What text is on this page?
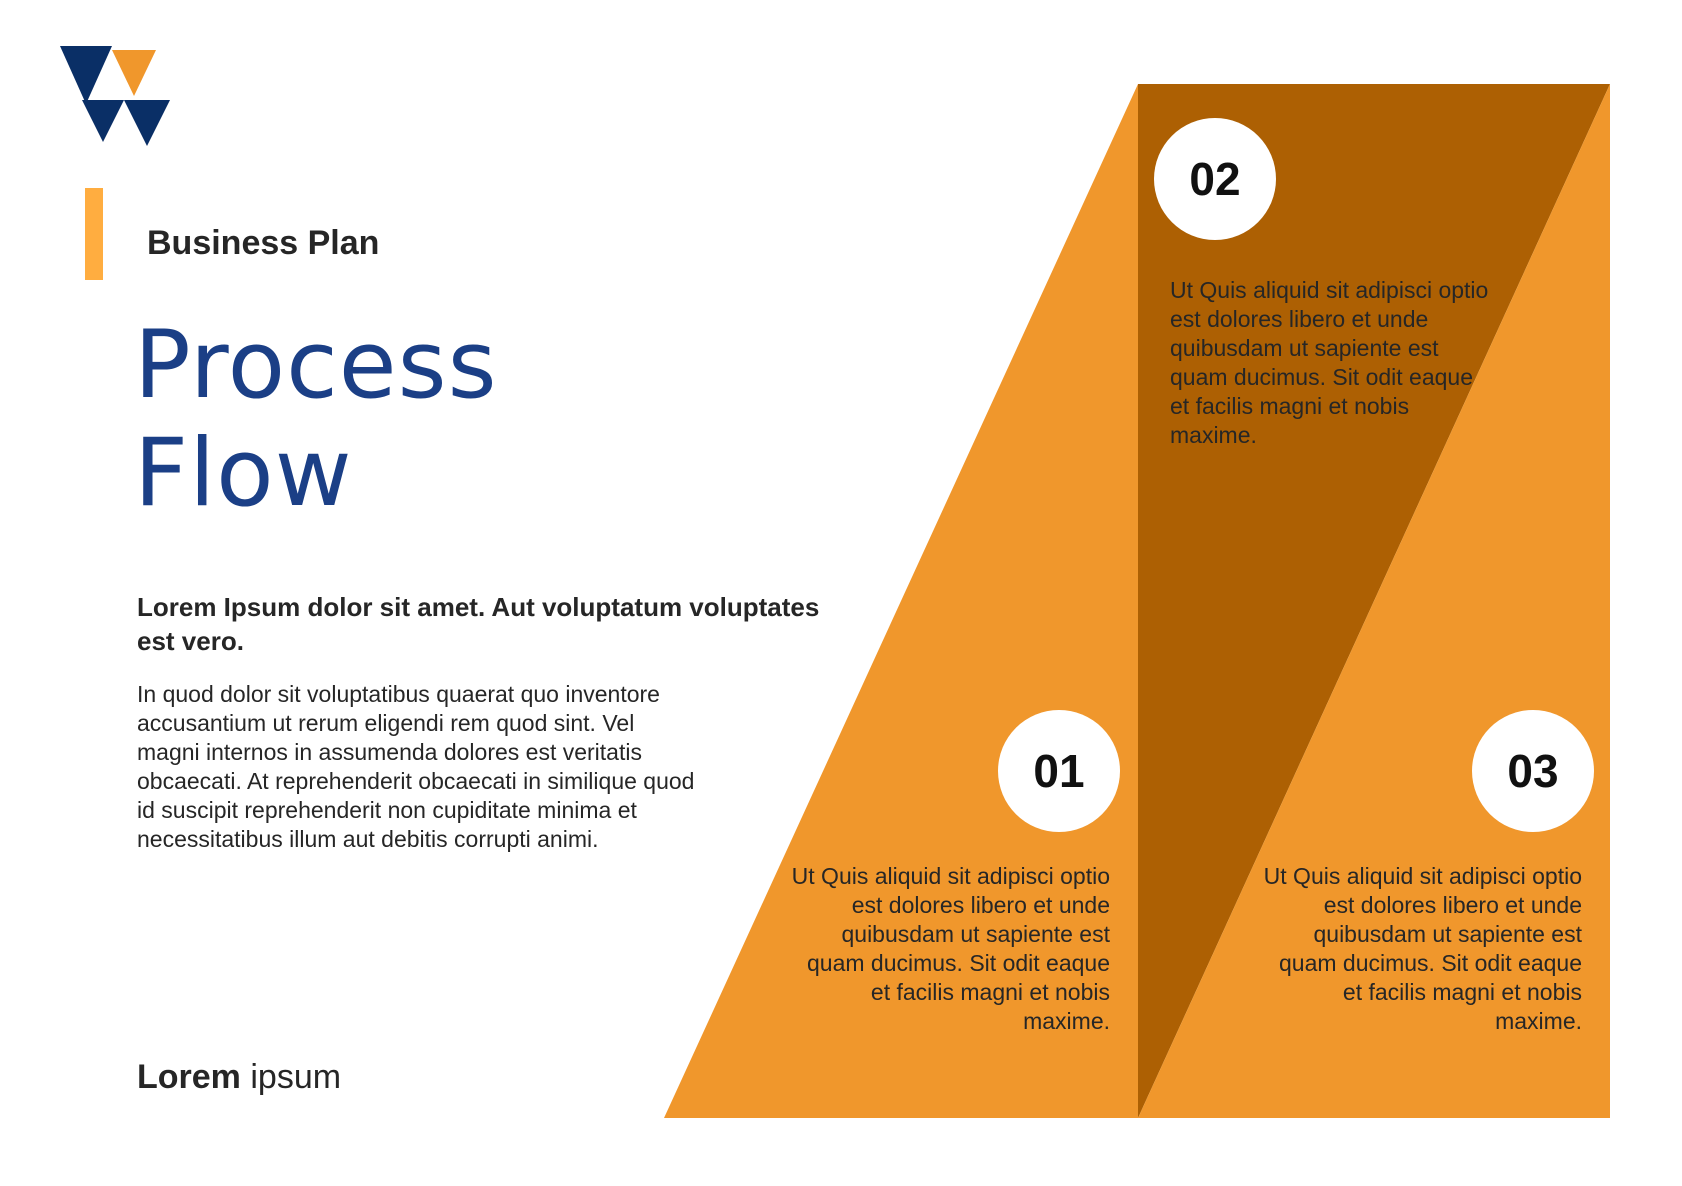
Business Plan
Process
Flow
Lorem Ipsum dolor sit amet. Aut voluptatum voluptates est vero.
In quod dolor sit voluptatibus quaerat quo inventore accusantium ut rerum eligendi rem quod sint. Vel magni internos in assumenda dolores est veritatis obcaecati. At reprehenderit obcaecati in similique quod id suscipit reprehenderit non cupiditate minima et necessitatibus illum aut debitis corrupti animi.
Lorem ipsum
02
01	03
Ut Quis aliquid sit adipisci optio est dolores libero et unde quibusdam ut sapiente est quam ducimus. Sit odit eaque et facilis magni et nobis maxime.
Ut Quis aliquid sit adipisci optio est dolores libero et unde quibusdam ut sapiente est quam ducimus. Sit odit eaque et facilis magni et nobis maxime.
Ut Quis aliquid sit adipisci optio est dolores libero et unde quibusdam ut sapiente est quam ducimus. Sit odit eaque et facilis magni et nobis maxime.
